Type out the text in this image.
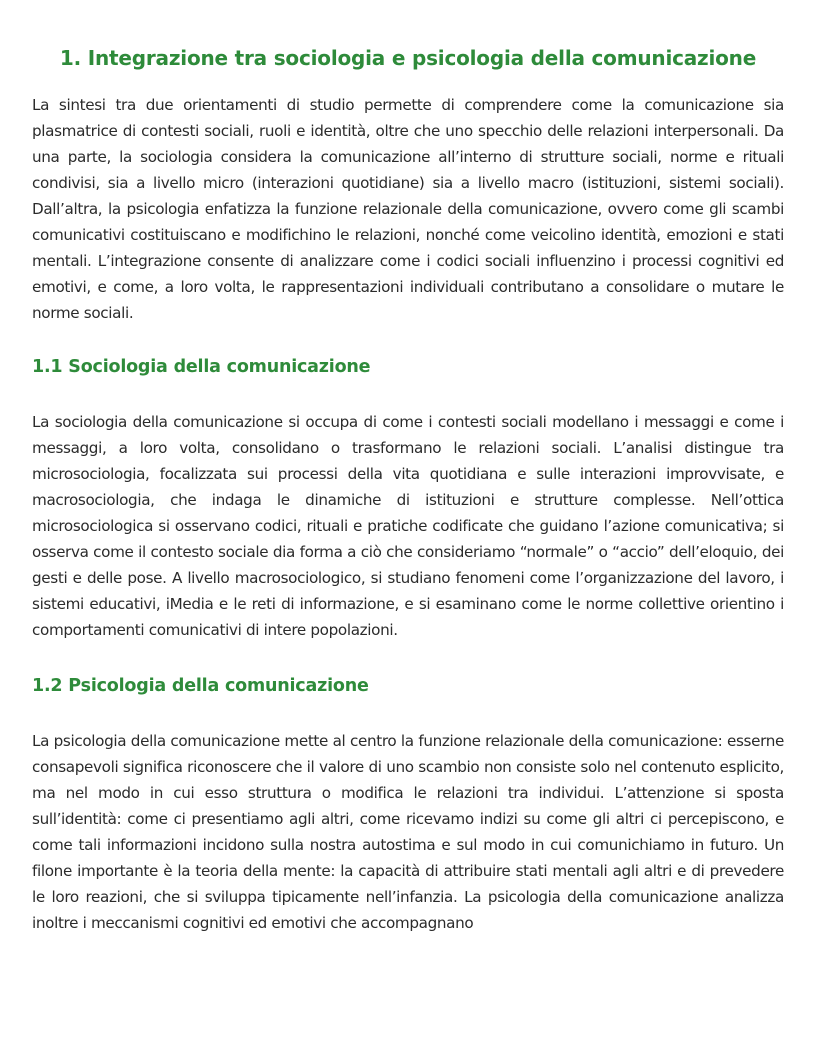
1. Integrazione tra sociologia e psicologia della comunicazione

La sintesi tra due orientamenti di studio permette di comprendere come la comunicazione sia plasmatrice di contesti sociali, ruoli e identità, oltre che uno specchio delle relazioni interpersonali. Da una parte, la sociologia considera la comunicazione all’interno di strutture sociali, norme e rituali condivisi, sia a livello micro (interazioni quotidiane) sia a livello macro (istituzioni, sistemi sociali). Dall’altra, la psicologia enfatizza la funzione relazionale della comunicazione, ovvero come gli scambi comunicativi costituiscano e modifichino le relazioni, nonché come veicolino identità, emozioni e stati mentali. L’integrazione consente di analizzare come i codici sociali influenzino i processi cognitivi ed emotivi, e come, a loro volta, le rappresentazioni individuali contributano a consolidare o mutare le norme sociali.

1.1 Sociologia della comunicazione

La sociologia della comunicazione si occupa di come i contesti sociali modellano i messaggi e come i messaggi, a loro volta, consolidano o trasformano le relazioni sociali. L’analisi distingue tra microsociologia, focalizzata sui processi della vita quotidiana e sulle interazioni improvvisate, e macrosociologia, che indaga le dinamiche di istituzioni e strutture complesse. Nell’ottica microsociologica si osservano codici, rituali e pratiche codificate che guidano l’azione comunicativa; si osserva come il contesto sociale dia forma a ciò che consideriamo “normale” o “accio” dell’eloquio, dei gesti e delle pose. A livello macrosociologico, si studiano fenomeni come l’organizzazione del lavoro, i sistemi educativi, iMedia e le reti di informazione, e si esaminano come le norme collettive orientino i comportamenti comunicativi di intere popolazioni.

1.2 Psicologia della comunicazione

La psicologia della comunicazione mette al centro la funzione relazionale della comunicazione: esserne consapevoli significa riconoscere che il valore di uno scambio non consiste solo nel contenuto esplicito, ma nel modo in cui esso struttura o modifica le relazioni tra individui. L’attenzione si sposta sull’identità: come ci presentiamo agli altri, come ricevamo indizi su come gli altri ci percepiscono, e come tali informazioni incidono sulla nostra autostima e sul modo in cui comunichiamo in futuro. Un filone importante è la teoria della mente: la capacità di attribuire stati mentali agli altri e di prevedere le loro reazioni, che si sviluppa tipicamente nell’infanzia. La psicologia della comunicazione analizza inoltre i meccanismi cognitivi ed emotivi che accompagnano
